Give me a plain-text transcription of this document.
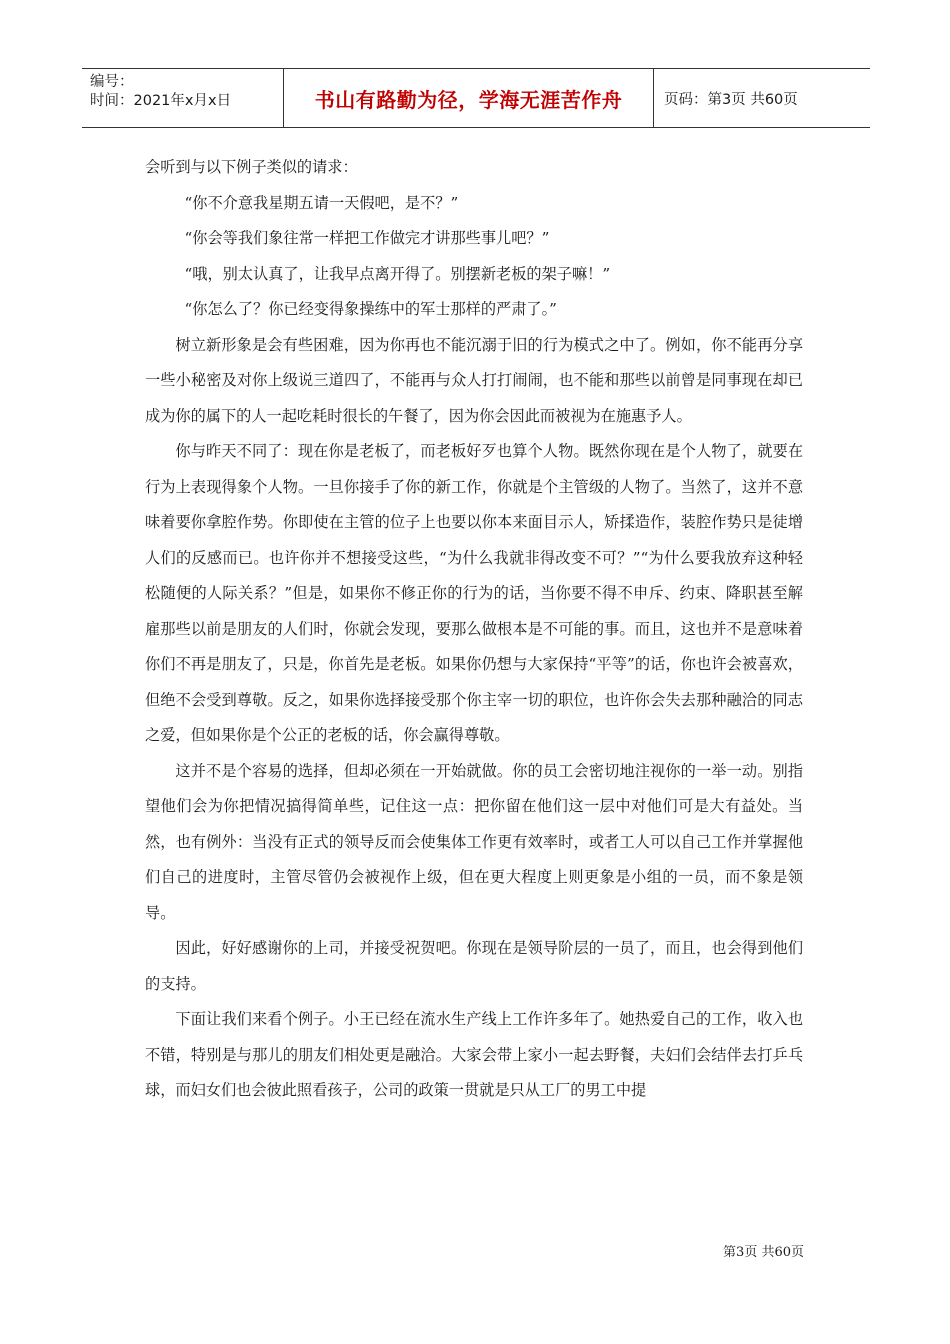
编号：
时间：2021年x月x日	书山有路勤为径，学海无涯苦作舟	页码：第3页 共60页

会听到与以下例子类似的请求：

“你不介意我星期五请一天假吧，是不？”

“你会等我们象往常一样把工作做完才讲那些事儿吧？”

“哦，别太认真了，让我早点离开得了。别摆新老板的架子嘛！”

“你怎么了？你已经变得象操练中的军士那样的严肃了。”

树立新形象是会有些困难，因为你再也不能沉溺于旧的行为模式之中了。例如，你不能再分享一些小秘密及对你上级说三道四了，不能再与众人打打闹闹，也不能和那些以前曾是同事现在却已成为你的属下的人一起吃耗时很长的午餐了，因为你会因此而被视为在施惠予人。

你与昨天不同了：现在你是老板了，而老板好歹也算个人物。既然你现在是个人物了，就要在行为上表现得象个人物。一旦你接手了你的新工作，你就是个主管级的人物了。当然了，这并不意味着要你拿腔作势。你即使在主管的位子上也要以你本来面目示人，矫揉造作，装腔作势只是徒增人们的反感而已。也许你并不想接受这些，“为什么我就非得改变不可？”“为什么要我放弃这种轻松随便的人际关系？”但是，如果你不修正你的行为的话，当你要不得不申斥、约束、降职甚至解雇那些以前是朋友的人们时，你就会发现，要那么做根本是不可能的事。而且，这也并不是意味着你们不再是朋友了，只是，你首先是老板。如果你仍想与大家保持“平等”的话，你也许会被喜欢，但绝不会受到尊敬。反之，如果你选择接受那个你主宰一切的职位，也许你会失去那种融洽的同志之爱，但如果你是个公正的老板的话，你会赢得尊敬。

这并不是个容易的选择，但却必须在一开始就做。你的员工会密切地注视你的一举一动。别指望他们会为你把情况搞得简单些，记住这一点：把你留在他们这一层中对他们可是大有益处。当然，也有例外：当没有正式的领导反而会使集体工作更有效率时，或者工人可以自己工作并掌握他们自己的进度时，主管尽管仍会被视作上级，但在更大程度上则更象是小组的一员，而不象是领导。

因此，好好感谢你的上司，并接受祝贺吧。你现在是领导阶层的一员了，而且，也会得到他们的支持。

下面让我们来看个例子。小王已经在流水生产线上工作许多年了。她热爱自己的工作，收入也不错，特别是与那儿的朋友们相处更是融洽。大家会带上家小一起去野餐，夫妇们会结伴去打乒乓球，而妇女们也会彼此照看孩子，公司的政策一贯就是只从工厂的男工中提

第3页 共60页
